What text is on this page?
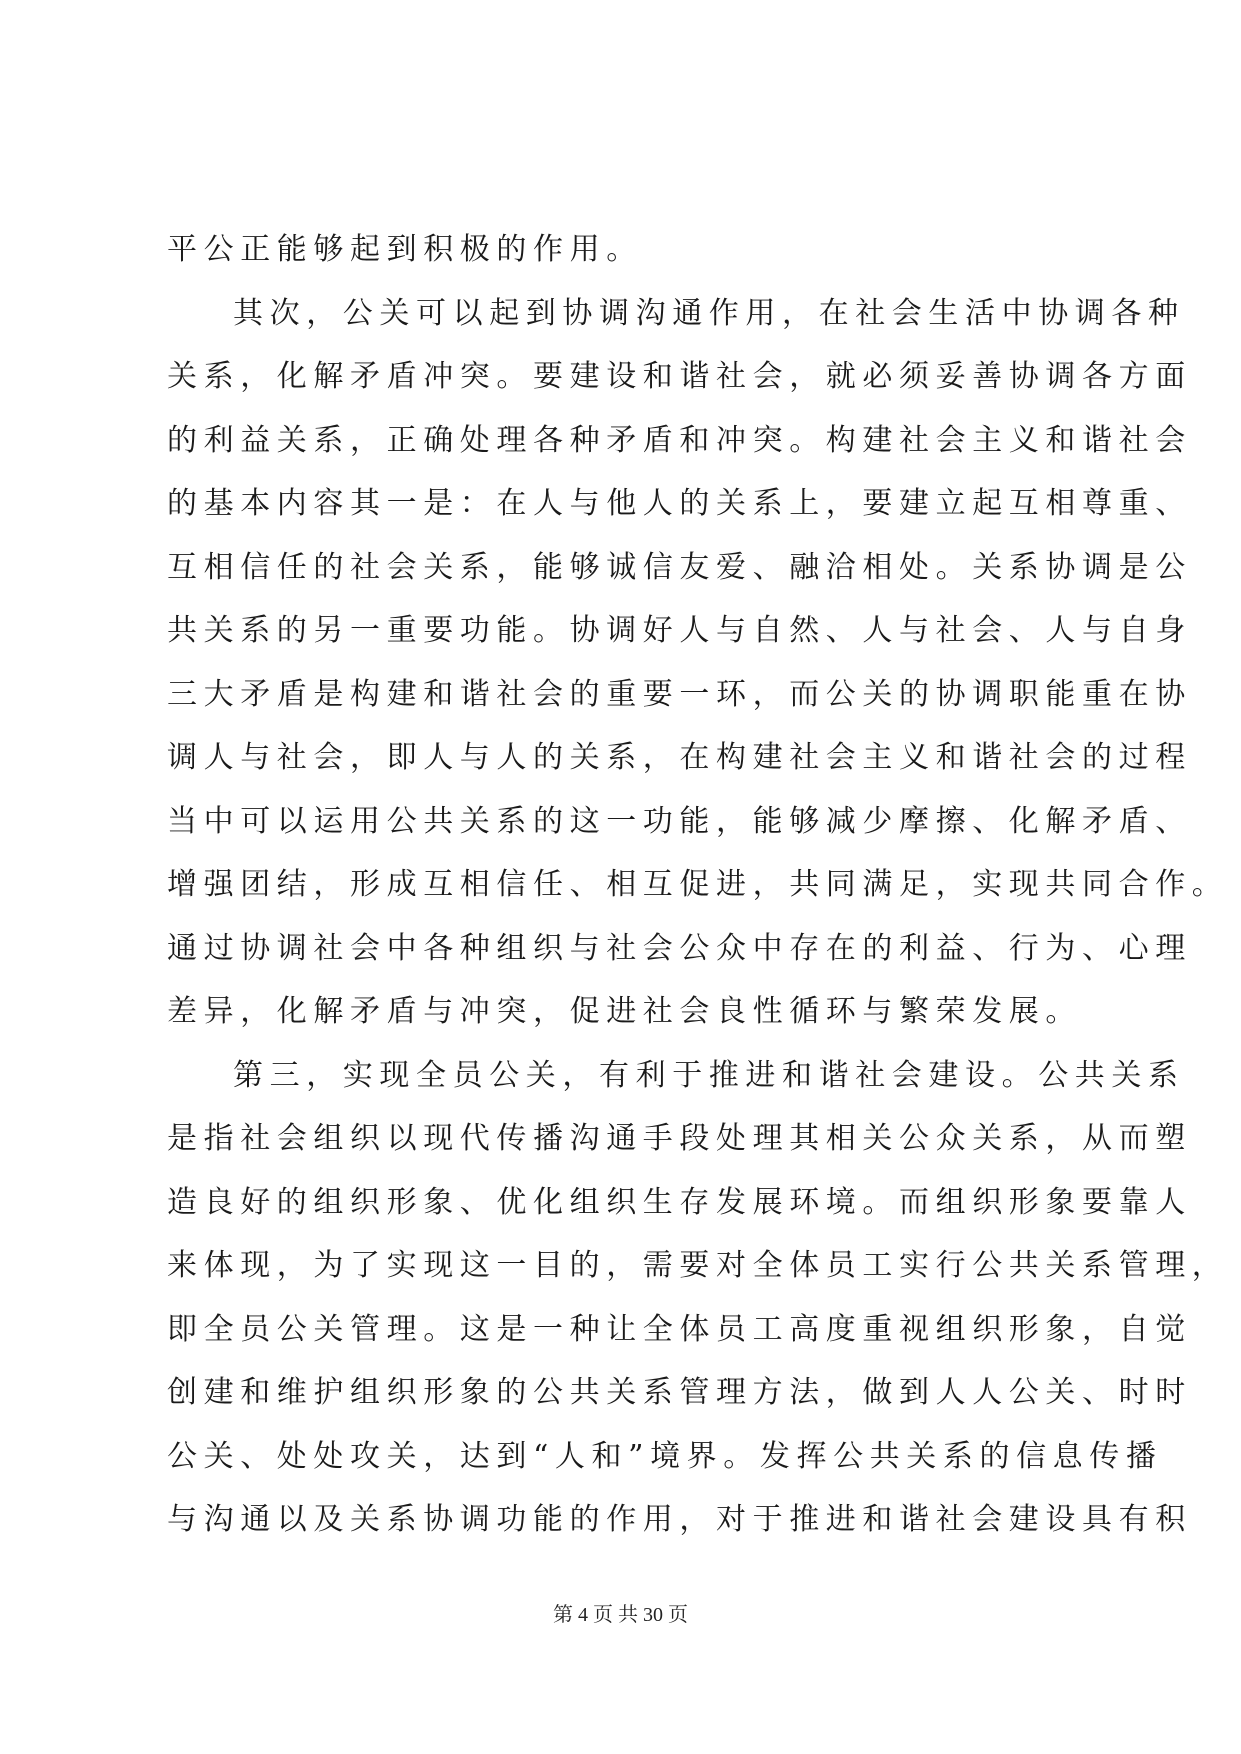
平公正能够起到积极的作用。
其次，公关可以起到协调沟通作用，在社会生活中协调各种
关系，化解矛盾冲突。要建设和谐社会，就必须妥善协调各方面
的利益关系，正确处理各种矛盾和冲突。构建社会主义和谐社会
的基本内容其一是：在人与他人的关系上，要建立起互相尊重、
互相信任的社会关系，能够诚信友爱、融洽相处。关系协调是公
共关系的另一重要功能。协调好人与自然、人与社会、人与自身
三大矛盾是构建和谐社会的重要一环，而公关的协调职能重在协
调人与社会，即人与人的关系，在构建社会主义和谐社会的过程
当中可以运用公共关系的这一功能，能够减少摩擦、化解矛盾、
增强团结，形成互相信任、相互促进，共同满足，实现共同合作。
通过协调社会中各种组织与社会公众中存在的利益、行为、心理
差异，化解矛盾与冲突，促进社会良性循环与繁荣发展。
第三，实现全员公关，有利于推进和谐社会建设。公共关系
是指社会组织以现代传播沟通手段处理其相关公众关系，从而塑
造良好的组织形象、优化组织生存发展环境。而组织形象要靠人
来体现，为了实现这一目的，需要对全体员工实行公共关系管理，
即全员公关管理。这是一种让全体员工高度重视组织形象，自觉
创建和维护组织形象的公共关系管理方法，做到人人公关、时时
公关、处处攻关，达到“人和”境界。发挥公共关系的信息传播
与沟通以及关系协调功能的作用，对于推进和谐社会建设具有积
第 4 页 共 30 页
